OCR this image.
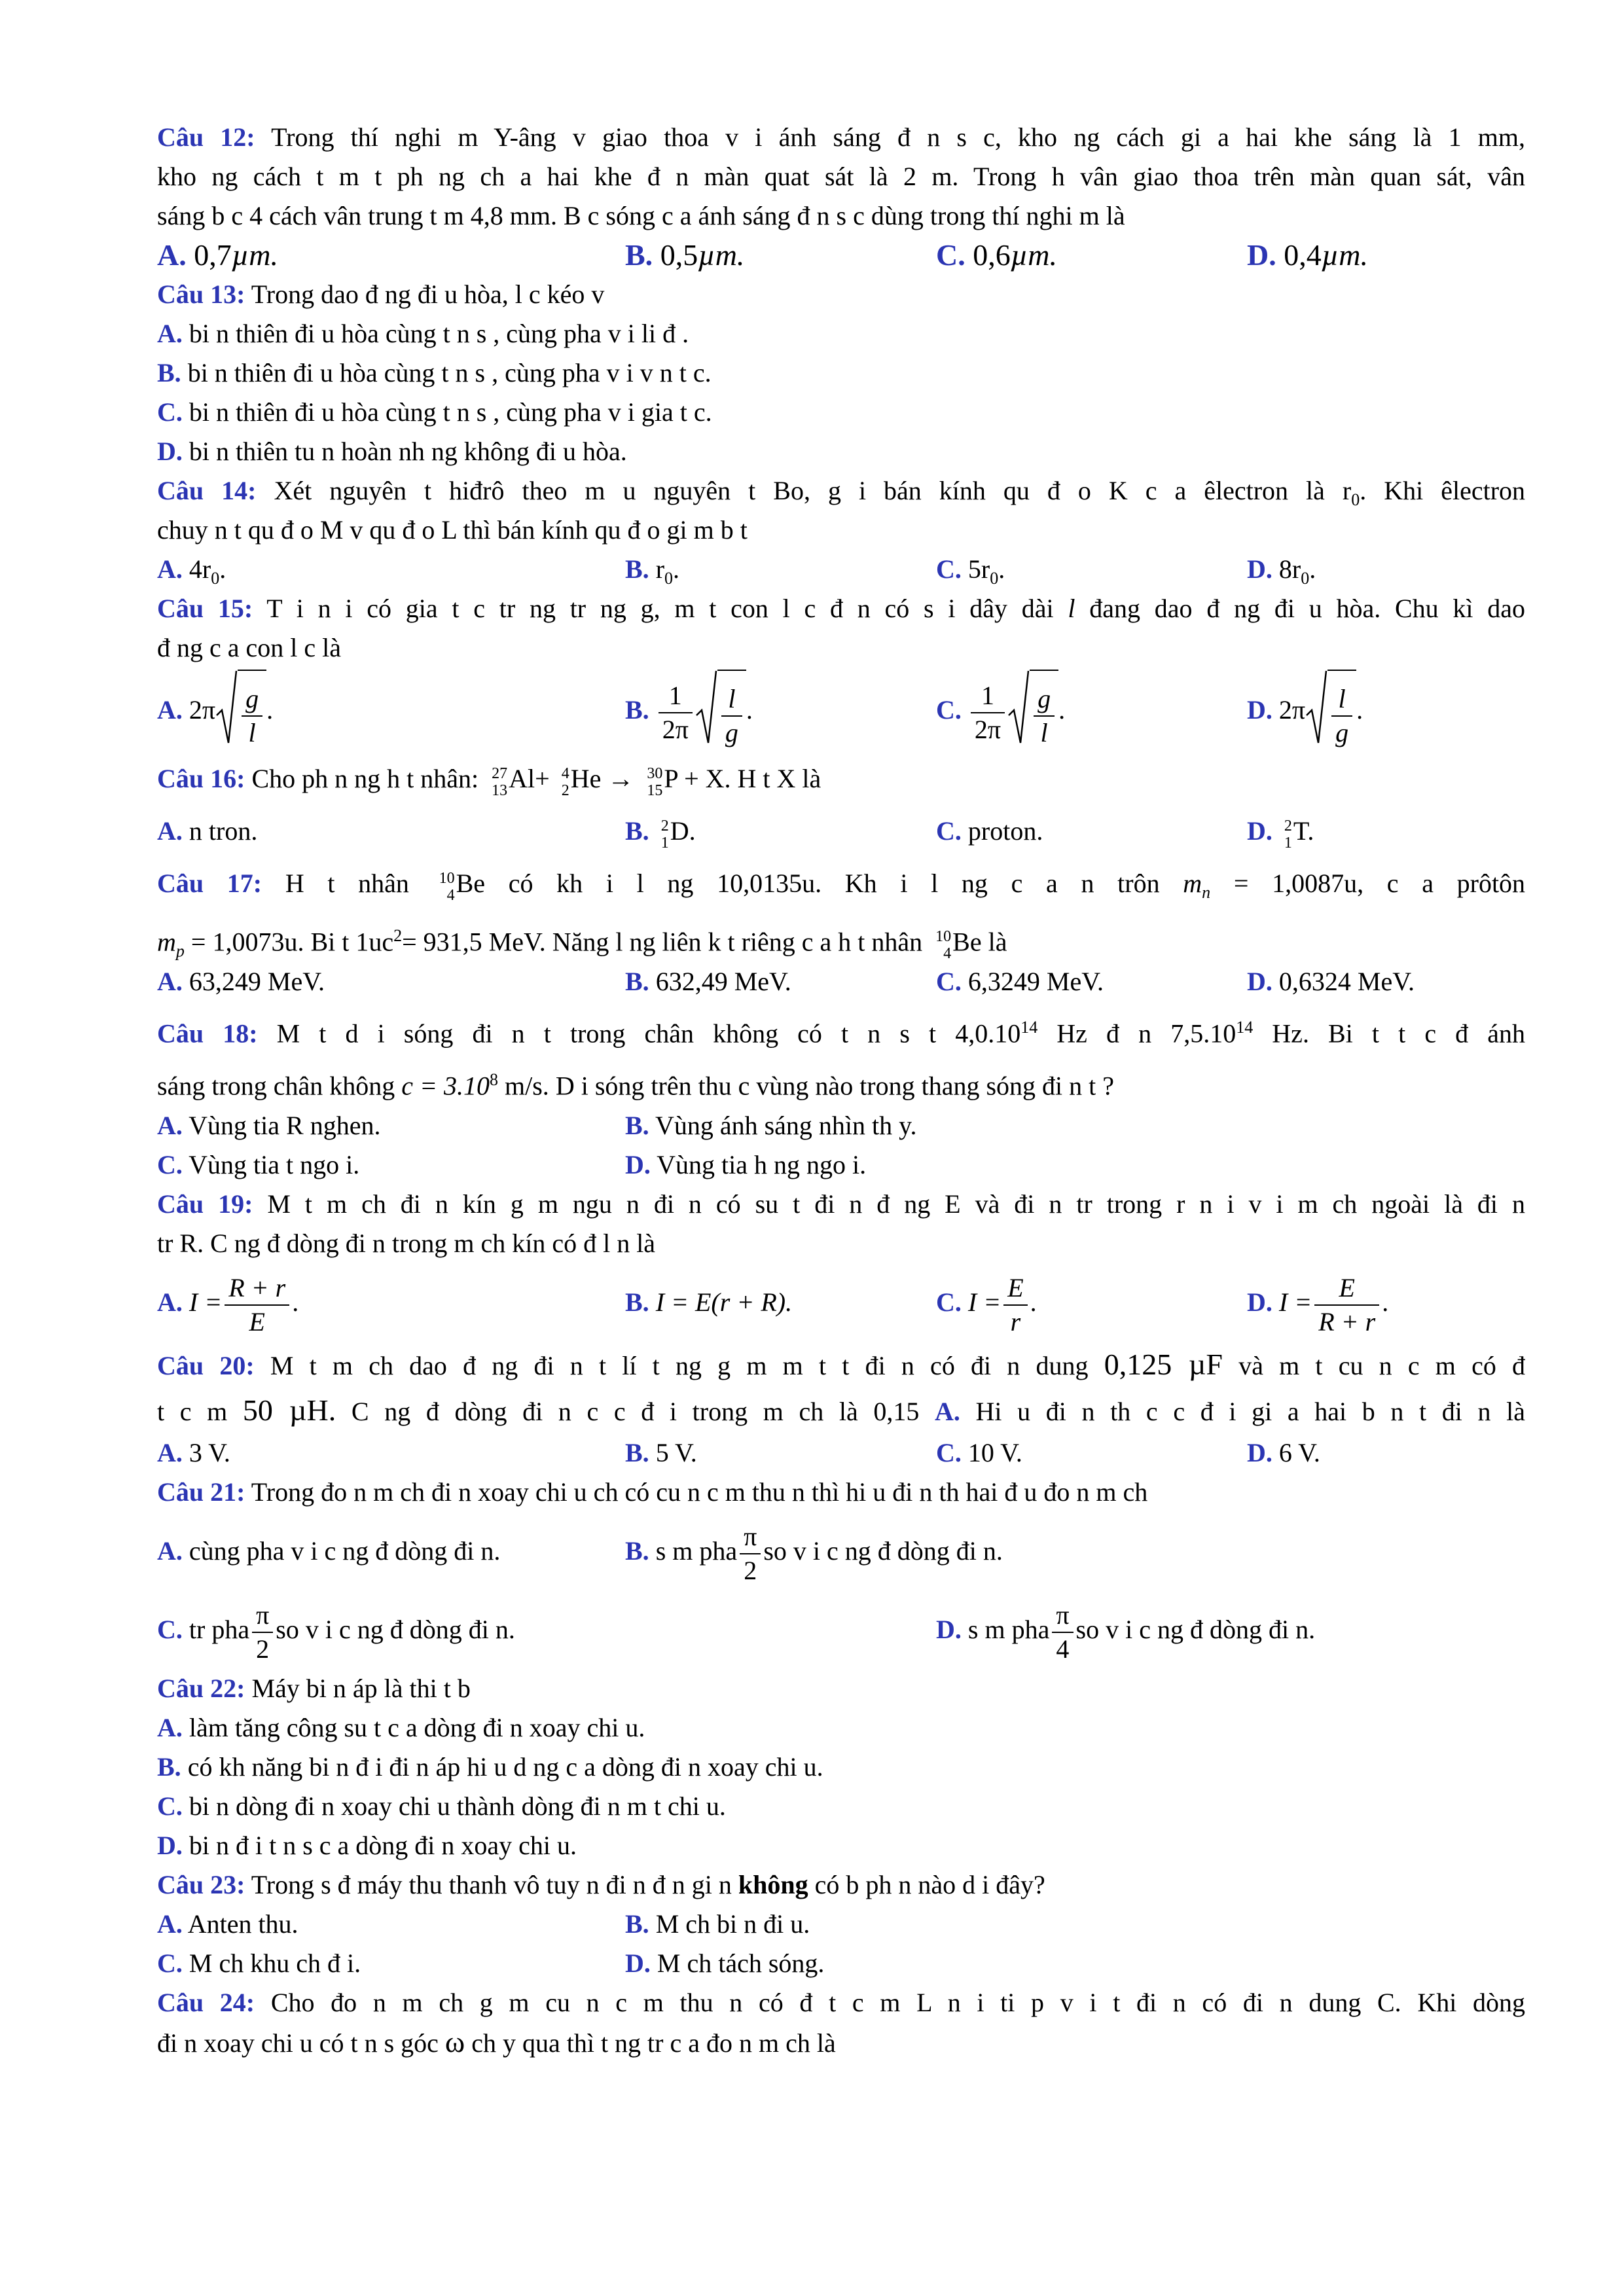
Câu 12: Trong thí nghi m Y-âng v giao thoa v i ánh sáng đ n s c, kho ng cách gi a hai khe sáng là 1 mm,
kho ng cách t m t ph ng ch a hai khe đ n màn quat sát là 2 m. Trong h vân giao thoa trên màn quan sát, vân
sáng b c 4 cách vân trung t m 4,8 mm. B c sóng c a ánh sáng đ n s c dùng trong thí nghi m là
A. 0,7µm.	B. 0,5µm.	C. 0,6µm.	D. 0,4µm.
Câu 13: Trong dao đ ng đi u hòa, l c kéo v
A. bi n thiên đi u hòa cùng t n s , cùng pha v i li đ .
B. bi n thiên đi u hòa cùng t n s , cùng pha v i v n t c.
C. bi n thiên đi u hòa cùng t n s , cùng pha v i gia t c.
D. bi n thiên tu n hoàn nh ng không đi u hòa.
Câu 14: Xét nguyên t hiđrô theo m u nguyên t Bo, g i bán kính qu đ o K c a êlectron là $r_0$. Khi êlectron
chuy n t qu đ o M v qu đ o L thì bán kính qu đ o gi m b t
A. $4r_0$.	B. $r_0$.	C. $5r_0$.	D. $8r_0$.
Câu 15: T i n i có gia t c tr ng tr ng g, m t con l c đ n có s i dây dài l đang dao đ ng đi u hòa. Chu kì dao
đ ng c a con l c là
A. $2\pi \frac{g}{l}$ .	B. $\frac{1}{2\pi} \frac{l}{g}$ .	C. $\frac{1}{2\pi} \frac{g}{l}$ .	D. $2\pi \frac{l}{g}$ .
Câu 16: Cho ph n ng h t nhân: 27
13 Al+ 4
2 He → 30
15 P + X. H t X là
A. n tron.	B. 2
1 D.	C. proton.	D. 2
1 T.
Câu 17: H t nhân 10
4 Be có kh i l ng 10,0135u. Kh i l ng c a n trôn $m_n = 1,0087u$, c a prôtôn
$m_p = 1,0073u$. Bi t $1uc^2= 931,5$ MeV. Năng l ng liên k t riêng c a h t nhân 10
4 Be là
A. 63,249 MeV.	B. 632,49 MeV.	C. 6,3249 MeV.	D. 0,6324 MeV.
Câu 18: M t d i sóng đi n t trong chân không có t n s t 4,0.10$^{14}$ Hz đ n 7,5.10$^{14}$ Hz. Bi t t c đ ánh
sáng trong chân không $c = 3.10^8$ m/s. D i sóng trên thu c vùng nào trong thang sóng đi n t ?
A. Vùng tia R nghen.	B. Vùng ánh sáng nhìn th y.
C. Vùng tia t ngo i.	D. Vùng tia h ng ngo i.
Câu 19: M t m ch đi n kín g m ngu n đi n có su t đi n đ ng E và đi n tr trong r n i v i m ch ngoài là đi n
tr R. C ng đ dòng đi n trong m ch kín có đ l n là
A. $I = \frac{R + r}{E}$ .	B. I = E(r + R).	C. $I = \frac{E}{r}$ .	D. $I = \frac{E}{R + r}$ .
Câu 20: M t m ch dao đ ng đi n t lí t ng g m m t t đi n có đi n dung 0,125 µF và m t cu n c m có đ
t c m 50 µH. C ng đ dòng đi n c c đ i trong m ch là 0,15 A. Hi u đi n th c c đ i gi a hai b n t đi n là
A. 3 V.	B. 5 V.	C. 10 V.	D. 6 V.
Câu 21: Trong đo n m ch đi n xoay chi u ch có cu n c m thu n thì hi u đi n th hai đ u đo n m ch
A. cùng pha v i c ng đ dòng đi n.	B. s m pha $\frac{\pi}{2}$ so v i c ng đ dòng đi n.
C. tr pha $\frac{\pi}{2}$ so v i c ng đ dòng đi n.	D. s m pha $\frac{\pi}{4}$ so v i c ng đ dòng đi n.
Câu 22: Máy bi n áp là thi t b
A. làm tăng công su t c a dòng đi n xoay chi u.
B. có kh năng bi n đ i đi n áp hi u d ng c a dòng đi n xoay chi u.
C. bi n dòng đi n xoay chi u thành dòng đi n m t chi u.
D. bi n đ i t n s c a dòng đi n xoay chi u.
Câu 23: Trong s đ máy thu thanh vô tuy n đi n đ n gi n không có b ph n nào d i đây?
A. Anten thu.	B. M ch bi n đi u.
C. M ch khu ch đ i.	D. M ch tách sóng.
Câu 24: Cho đo n m ch g m cu n c m thu n có đ t c m L n i ti p v i t đi n có đi n dung C. Khi dòng
đi n xoay chi u có t n s góc ω ch y qua thì t ng tr c a đo n m ch là
